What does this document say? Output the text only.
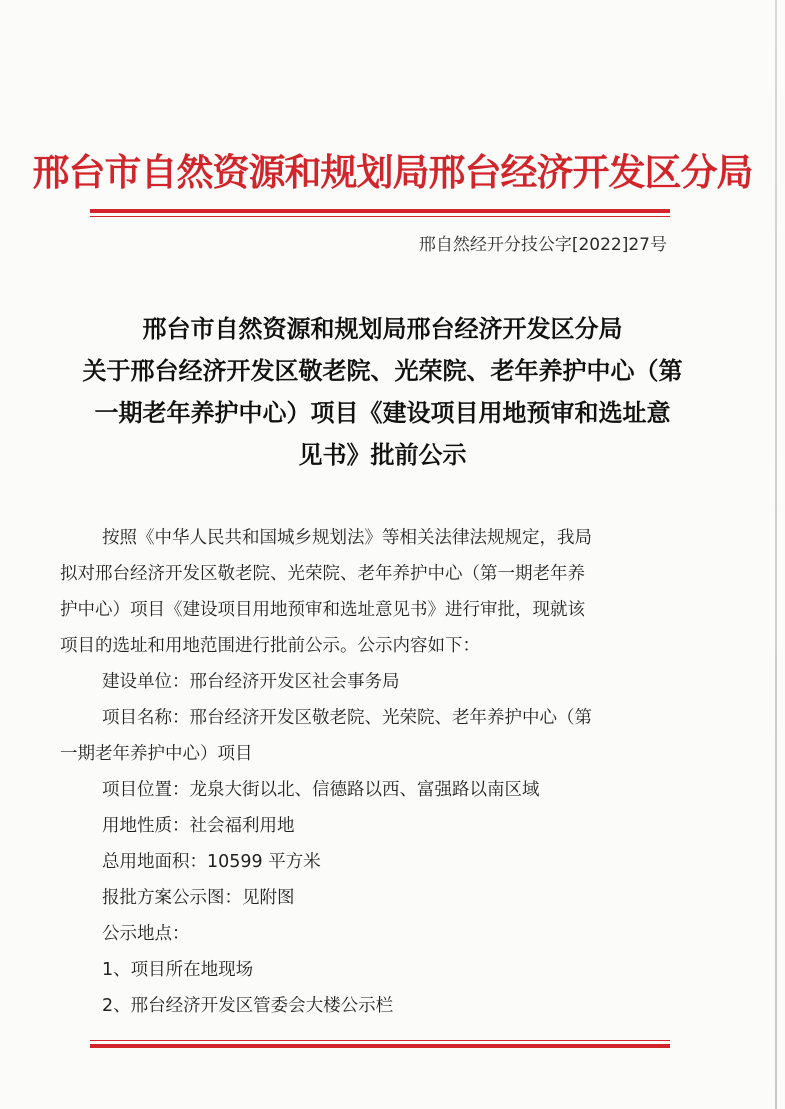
邢台市自然资源和规划局邢台经济开发区分局
邢自然经开分技公字[2022]27号
邢台市自然资源和规划局邢台经济开发区分局
关于邢台经济开发区敬老院、光荣院、老年养护中心（第
一期老年养护中心）项目《建设项目用地预审和选址意
见书》批前公示

按照《中华人民共和国城乡规划法》等相关法律法规规定，我局

拟对邢台经济开发区敬老院、光荣院、老年养护中心（第一期老年养

护中心）项目《建设项目用地预审和选址意见书》进行审批，现就该

项目的选址和用地范围进行批前公示。公示内容如下：

建设单位：邢台经济开发区社会事务局

项目名称：邢台经济开发区敬老院、光荣院、老年养护中心（第

一期老年养护中心）项目

项目位置：龙泉大街以北、信德路以西、富强路以南区域

用地性质：社会福利用地

总用地面积：10599 平方米

报批方案公示图：见附图

公示地点：

1、项目所在地现场

2、邢台经济开发区管委会大楼公示栏
